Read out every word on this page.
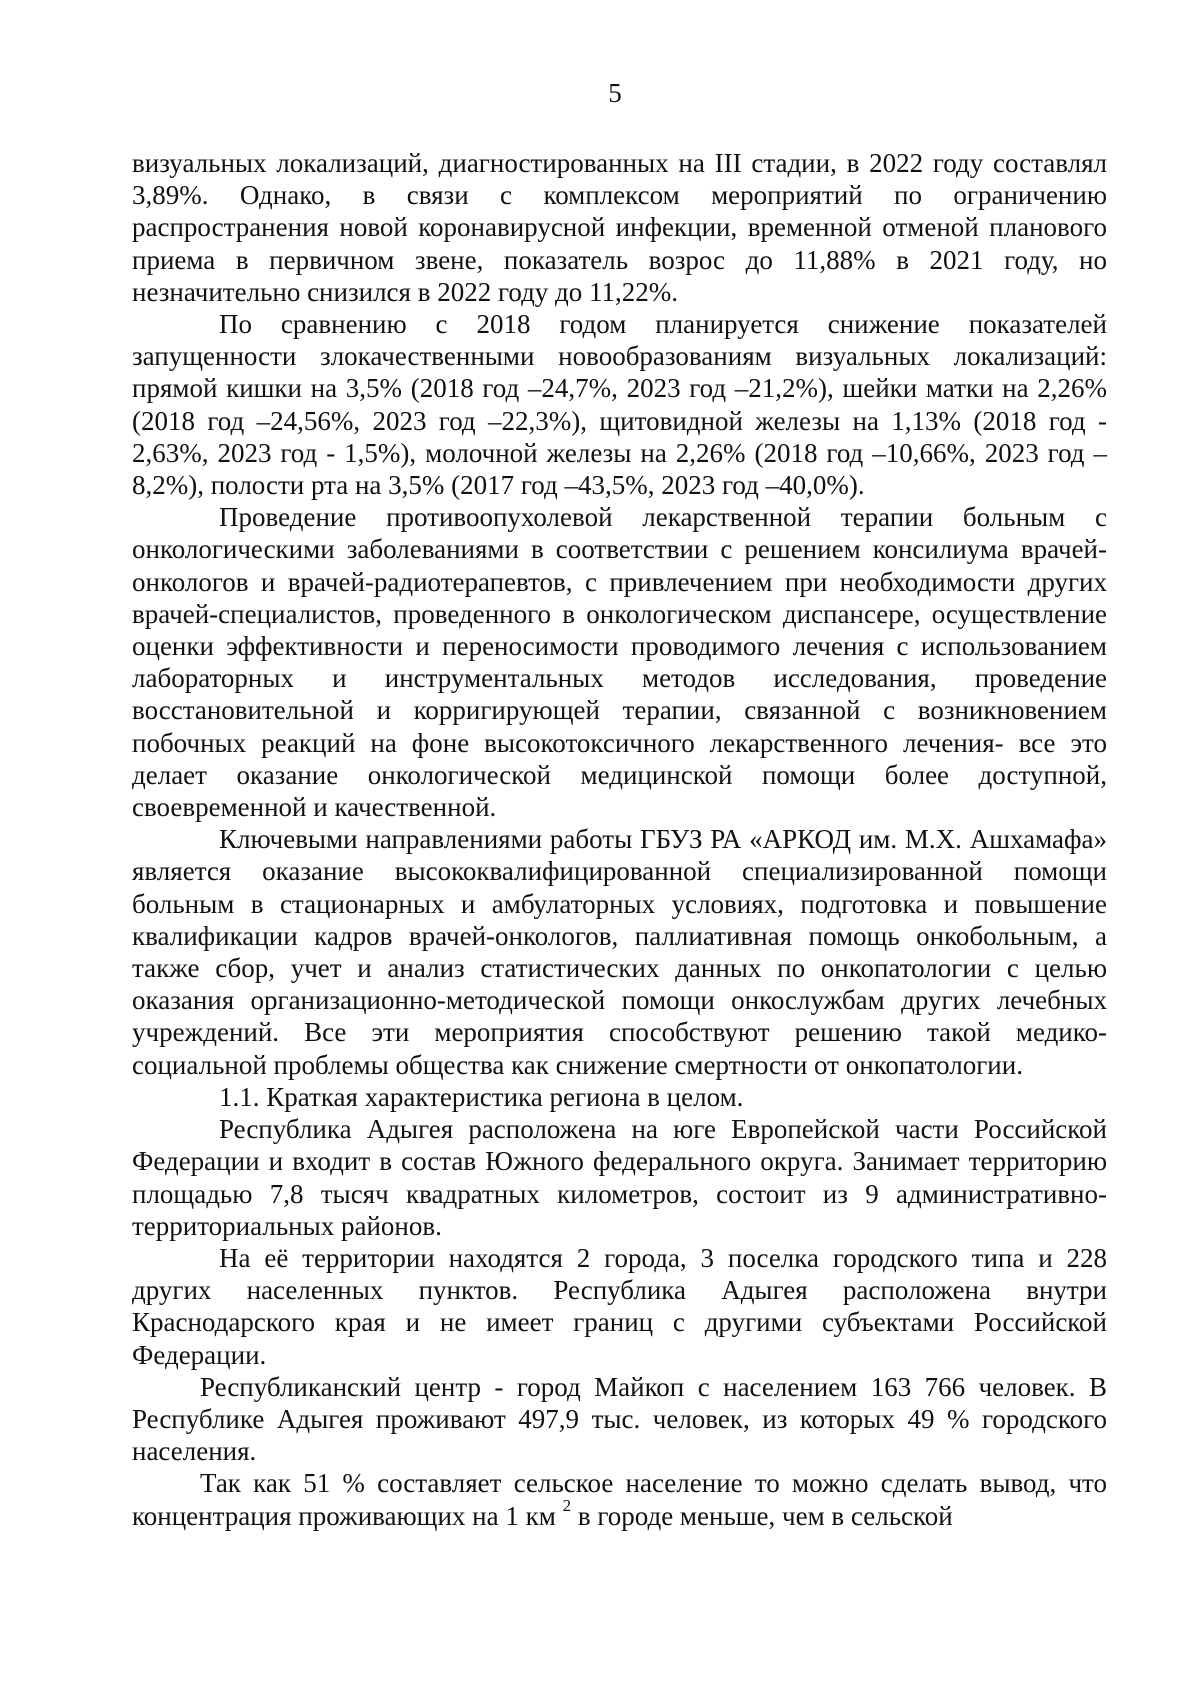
5

визуальных локализаций, диагностированных на III стадии, в 2022 году составлял 3,89%. Однако, в связи с комплексом мероприятий по ограничению распространения новой коронавирусной инфекции, временной отменой планового приема в первичном звене, показатель возрос до 11,88% в 2021 году, но незначительно снизился в 2022 году до 11,22%.

По сравнению с 2018 годом планируется снижение показателей запущенности злокачественными новообразованиям визуальных локализаций: прямой кишки на 3,5% (2018 год –24,7%, 2023 год –21,2%), шейки матки на 2,26% (2018 год –24,56%, 2023 год –22,3%), щитовидной железы на 1,13% (2018 год - 2,63%, 2023 год - 1,5%), молочной железы на 2,26% (2018 год –10,66%, 2023 год –8,2%), полости рта на 3,5% (2017 год –43,5%, 2023 год –40,0%).

Проведение противоопухолевой лекарственной терапии больным с онкологическими заболеваниями в соответствии с решением консилиума врачей-онкологов и врачей-радиотерапевтов, с привлечением при необходимости других врачей-специалистов, проведенного в онкологическом диспансере, осуществление оценки эффективности и переносимости проводимого лечения с использованием лабораторных и инструментальных методов исследования, проведение восстановительной и корригирующей терапии, связанной с возникновением побочных реакций на фоне высокотоксичного лекарственного лечения- все это делает оказание онкологической медицинской помощи более доступной, своевременной и качественной.

Ключевыми направлениями работы ГБУЗ РА «АРКОД им. М.Х. Ашхамафа» является оказание высококвалифицированной специализированной помощи больным в стационарных и амбулаторных условиях, подготовка и повышение квалификации кадров врачей-онкологов, паллиативная помощь онкобольным, а также сбор, учет и анализ статистических данных по онкопатологии с целью оказания организационно-методической помощи онкослужбам других лечебных учреждений. Все эти мероприятия способствуют решению такой медико-социальной проблемы общества как снижение смертности от онкопатологии.

1.1. Краткая характеристика региона в целом.

Республика Адыгея расположена на юге Европейской части Российской Федерации и входит в состав Южного федерального округа. Занимает территорию площадью 7,8 тысяч квадратных километров, состоит из 9 административно-территориальных районов.

На её территории находятся 2 города, 3 поселка городского типа и 228 других населенных пунктов. Республика Адыгея расположена внутри Краснодарского края и не имеет границ с другими субъектами Российской Федерации.

Республиканский центр - город Майкоп с населением 163 766 человек. В Республике Адыгея проживают 497,9 тыс. человек, из которых 49 % городского населения.

Так как 51 % составляет сельское население то можно сделать вывод, что концентрация проживающих на 1 км $^2$ в городе меньше, чем в сельской
